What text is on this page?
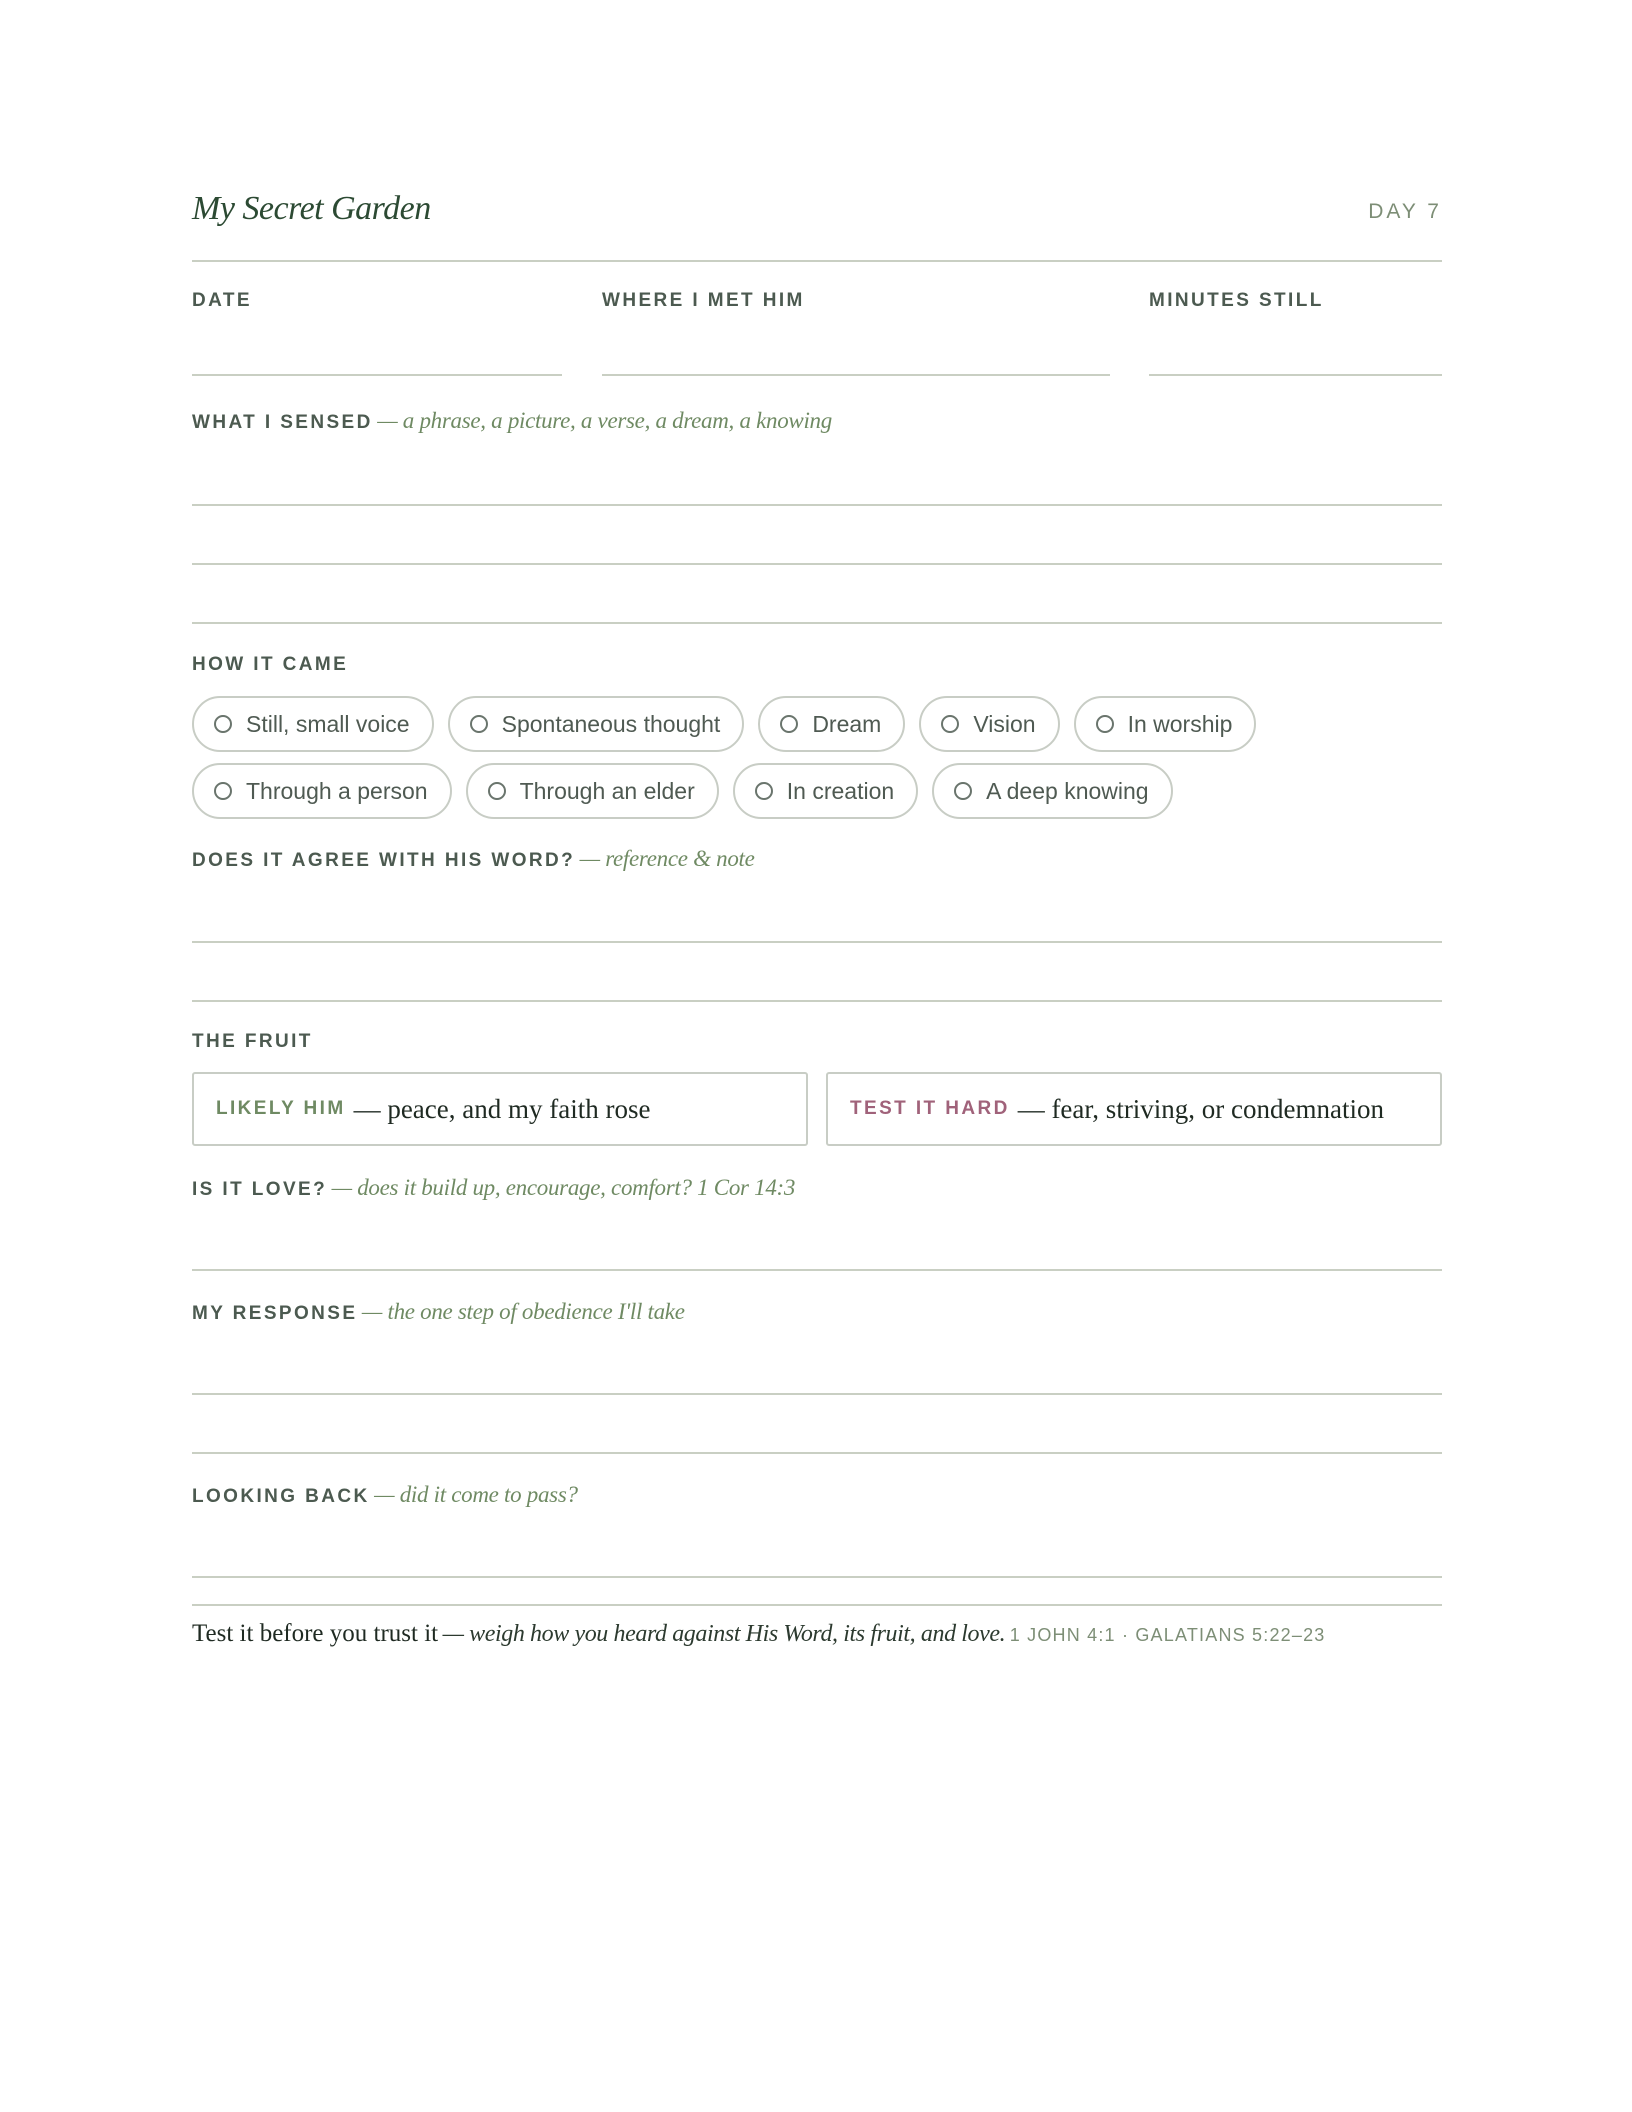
My Secret Garden	DAY 7
DATE	WHERE I MET HIM	MINUTES STILL
WHAT I SENSED — a phrase, a picture, a verse, a dream, a knowing
HOW IT CAME
Still, small voice	Spontaneous thought	Dream	Vision	In worship
Through a person	Through an elder	In creation	A deep knowing
DOES IT AGREE WITH HIS WORD? — reference & note
THE FRUIT
LIKELY HIM — peace, and my faith rose	TEST IT HARD — fear, striving, or condemnation
IS IT LOVE? — does it build up, encourage, comfort? 1 Cor 14:3
MY RESPONSE — the one step of obedience I'll take
LOOKING BACK — did it come to pass?
Test it before you trust it — weigh how you heard against His Word, its fruit, and love. 1 JOHN 4:1 · GALATIANS 5:22–23
